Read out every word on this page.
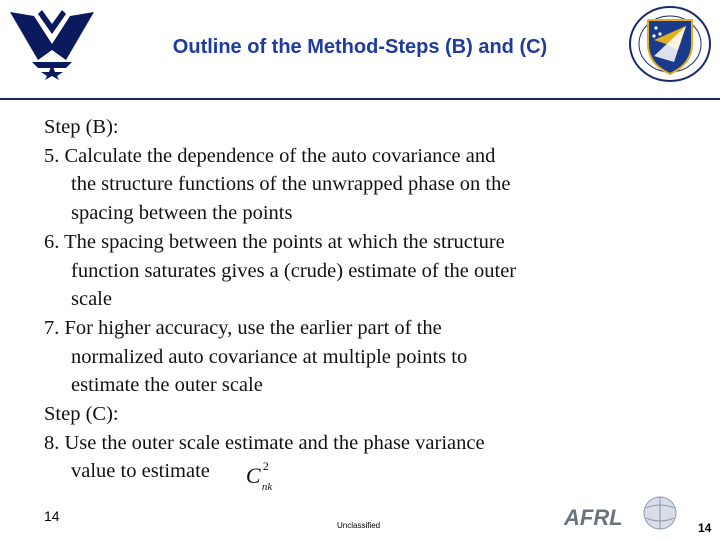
Outline of the Method-Steps (B) and (C)
Step (B):
5. Calculate the dependence of the auto covariance and
the structure functions of the unwrapped phase on the
spacing between the points
6. The spacing between the points at which the structure
function saturates gives a (crude) estimate of the outer
scale
7. For higher accuracy, use the earlier part of the
normalized auto covariance at multiple points to
estimate the outer scale
Step (C):
8. Use the outer scale estimate and the phase variance
value to estimate C 2
nk
14
Unclassified	AFRL	14
